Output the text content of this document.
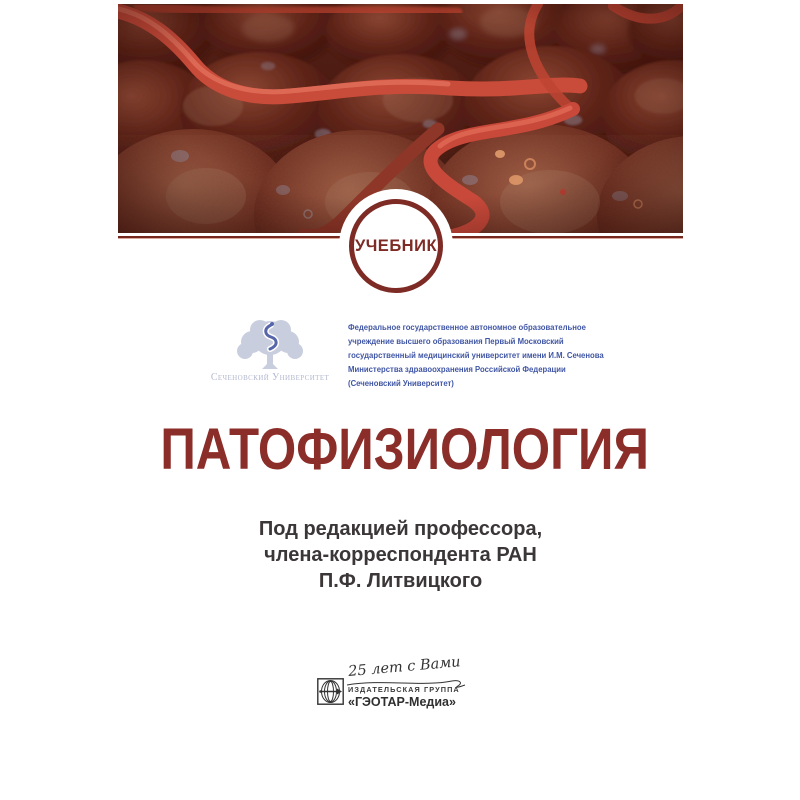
УЧЕБНИК
Сеченовский Университет
Федеральное государственное автономное образовательное
учреждение высшего образования Первый Московский
государственный медицинский университет имени И.М. Сеченова
Министерства здравоохранения Российской Федерации
(Сеченовский Университет)
ПАТОФИЗИОЛОГИЯ
Под редакцией профессора,
члена-корреспондента РАН
П.Ф. Литвицкого
25 лет с Вами
ИЗДАТЕЛЬСКАЯ ГРУППА
«ГЭОТАР-Медиа»
